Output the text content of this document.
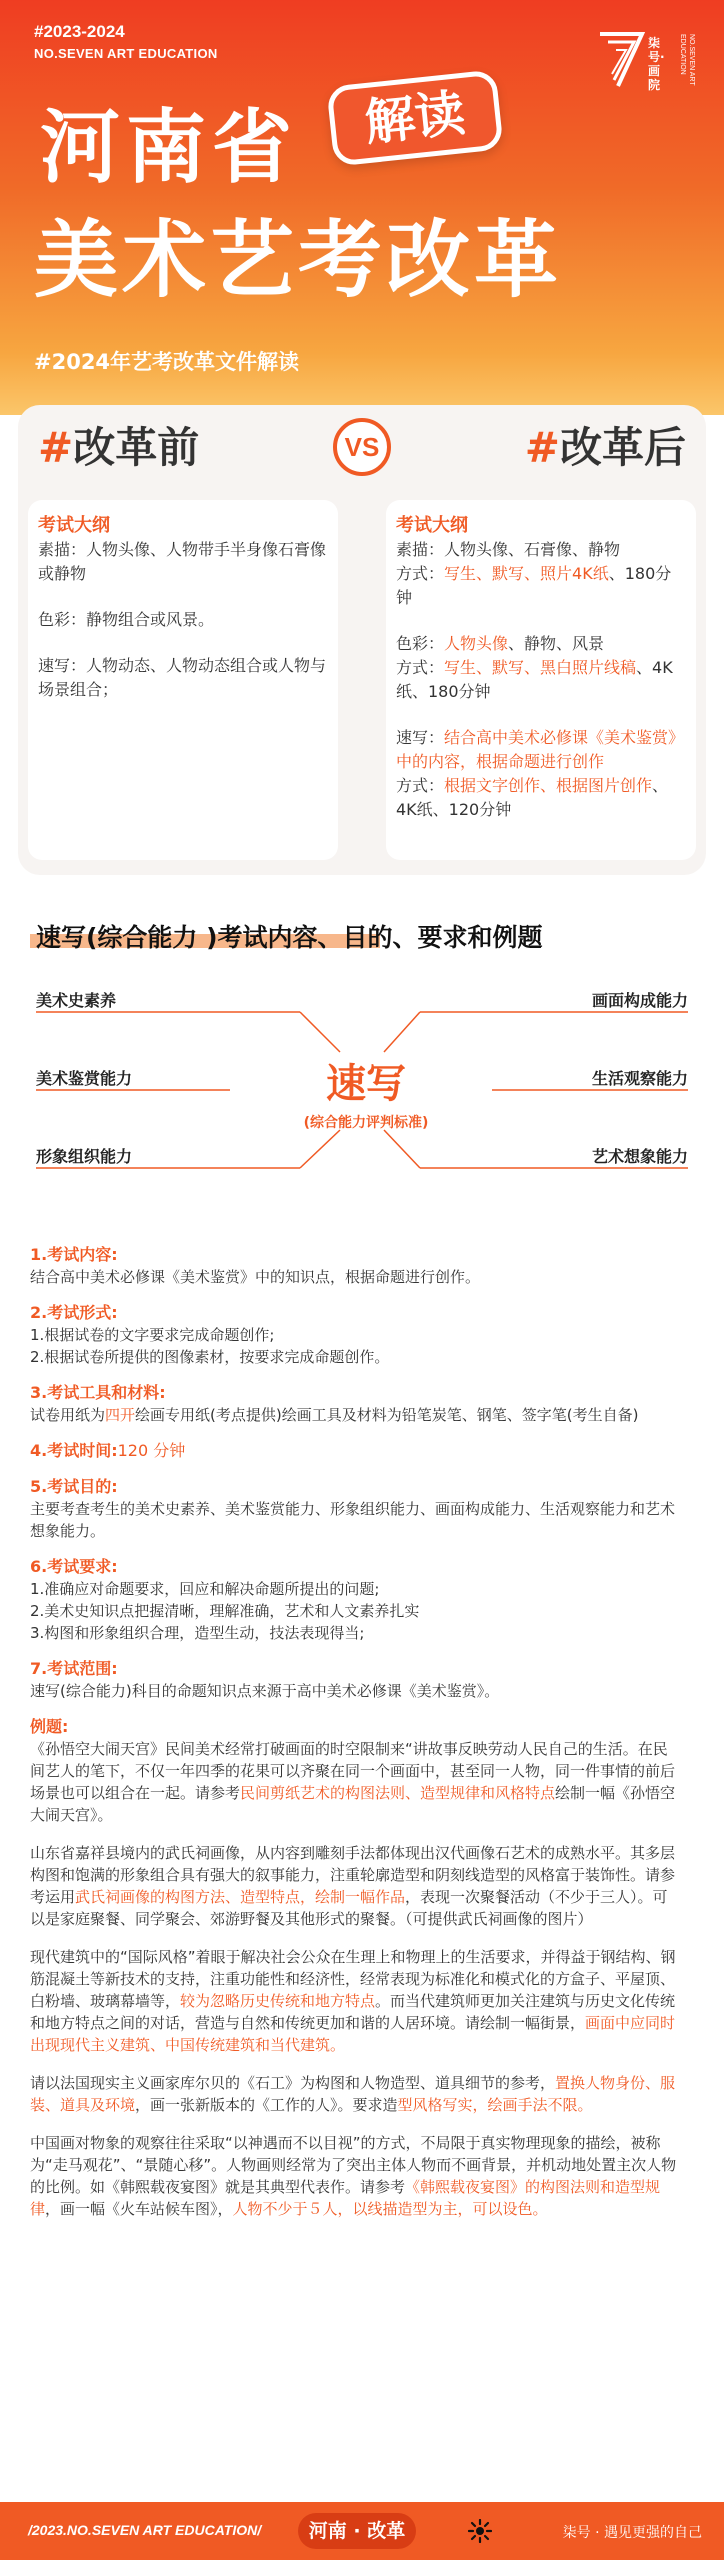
#2023-2024
NO.SEVEN ART EDUCATION
柒号·画院	NO.SEVEN ART EDUCATION
河南省	解读
美术艺考改革
#2024年艺考改革文件解读
#改革前	VS	#改革后
考试大纲
素描：人物头像、人物带手半身像石膏像或静物
色彩：静物组合或风景。
速写：人物动态、人物动态组合或人物与场景组合；
考试大纲
素描：人物头像、石膏像、静物
方式：写生、默写、照片4K纸、180分钟
色彩：人物头像、静物、风景
方式：写生、默写、黑白照片线稿、4K纸、180分钟
速写：结合高中美术必修课《美术鉴赏》中的内容，根据命题进行创作
方式：根据文字创作、根据图片创作、4K纸、120分钟
速写(综合能力 )考试内容、目的、要求和例题
美术史素养
美术鉴赏能力
形象组织能力
画面构成能力
生活观察能力
艺术想象能力
速写
(综合能力评判标准)
1.考试内容:

结合高中美术必修课《美术鉴赏》中的知识点，根据命题进行创作。

2.考试形式:

1.根据试卷的文字要求完成命题创作;

2.根据试卷所提供的图像素材，按要求完成命题创作。

3.考试工具和材料:

试卷用纸为四开绘画专用纸(考点提供)绘画工具及材料为铅笔炭笔、钢笔、签字笔(考生自备)

4.考试时间:120 分钟
5.考试目的:

主要考查考生的美术史素养、美术鉴赏能力、形象组织能力、画面构成能力、生活观察能力和艺术想象能力。

6.考试要求:

1.准确应对命题要求，回应和解决命题所提出的问题;

2.美术史知识点把握清晰，理解准确，艺术和人文素养扎实

3.构图和形象组织合理，造型生动，技法表现得当;

7.考试范围:

速写(综合能力)科目的命题知识点来源于高中美术必修课《美术鉴赏》。

例题:

《孙悟空大闹天宫》民间美术经常打破画面的时空限制来“讲故事反映劳动人民自己的生活。在民间艺人的笔下，不仅一年四季的花果可以齐聚在同一个画面中，甚至同一人物，同一件事情的前后场景也可以组合在一起。请参考民间剪纸艺术的构图法则、造型规律和风格特点绘制一幅《孙悟空大闹天宫》。

山东省嘉祥县境内的武氏祠画像，从内容到雕刻手法都体现出汉代画像石艺术的成熟水平。其多层构图和饱满的形象组合具有强大的叙事能力，注重轮廓造型和阴刻线造型的风格富于装饰性。请参考运用武氏祠画像的构图方法、造型特点，绘制一幅作品，表现一次聚餐活动（不少于三人）。可以是家庭聚餐、同学聚会、郊游野餐及其他形式的聚餐。（可提供武氏祠画像的图片）

现代建筑中的“国际风格”着眼于解决社会公众在生理上和物理上的生活要求，并得益于钢结构、钢筋混凝土等新技术的支持，注重功能性和经济性，经常表现为标准化和模式化的方盒子、平屋顶、白粉墙、玻璃幕墙等，较为忽略历史传统和地方特点。而当代建筑师更加关注建筑与历史文化传统和地方特点之间的对话，营造与自然和传统更加和谐的人居环境。请绘制一幅街景，画面中应同时出现现代主义建筑、中国传统建筑和当代建筑。

请以法国现实主义画家库尔贝的《石工》为构图和人物造型、道具细节的参考，置换人物身份、服装、道具及环境，画一张新版本的《工作的人》。要求造型风格写实，绘画手法不限。

中国画对物象的观察往往采取“以神遇而不以目视”的方式，不局限于真实物理现象的描绘，被称为“走马观花”、“景随心移”。人物画则经常为了突出主体人物而不画背景，并机动地处置主次人物的比例。如《韩熙载夜宴图》就是其典型代表作。请参考《韩熙载夜宴图》的构图法则和造型规律，画一幅《火车站候车图》，人物不少于５人，以线描造型为主，可以设色。

/2023.NO.SEVEN ART EDUCATION/	河南 · 改革	柒号 · 遇见更强的自己
